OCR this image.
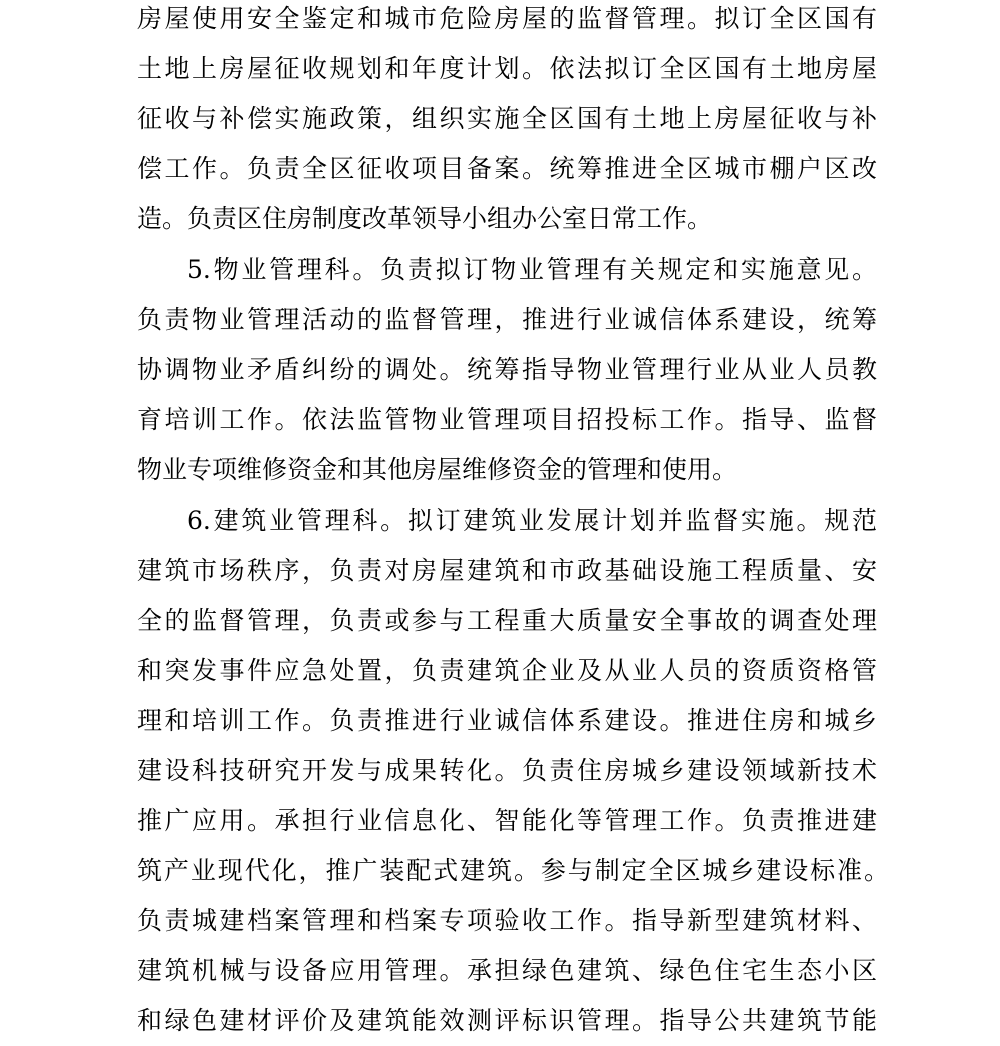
房屋使用安全鉴定和城市危险房屋的监督管理。拟订全区国有
土地上房屋征收规划和年度计划。依法拟订全区国有土地房屋
征收与补偿实施政策，组织实施全区国有土地上房屋征收与补
偿工作。负责全区征收项目备案。统筹推进全区城市棚户区改
造。负责区住房制度改革领导小组办公室日常工作。
5.物业管理科。负责拟订物业管理有关规定和实施意见。
负责物业管理活动的监督管理，推进行业诚信体系建设，统筹
协调物业矛盾纠纷的调处。统筹指导物业管理行业从业人员教
育培训工作。依法监管物业管理项目招投标工作。指导、监督
物业专项维修资金和其他房屋维修资金的管理和使用。
6.建筑业管理科。拟订建筑业发展计划并监督实施。规范
建筑市场秩序，负责对房屋建筑和市政基础设施工程质量、安
全的监督管理，负责或参与工程重大质量安全事故的调查处理
和突发事件应急处置，负责建筑企业及从业人员的资质资格管
理和培训工作。负责推进行业诚信体系建设。推进住房和城乡
建设科技研究开发与成果转化。负责住房城乡建设领域新技术
推广应用。承担行业信息化、智能化等管理工作。负责推进建
筑产业现代化，推广装配式建筑。参与制定全区城乡建设标准。
负责城建档案管理和档案专项验收工作。指导新型建筑材料、
建筑机械与设备应用管理。承担绿色建筑、绿色住宅生态小区
和绿色建材评价及建筑能效测评标识管理。指导公共建筑节能
